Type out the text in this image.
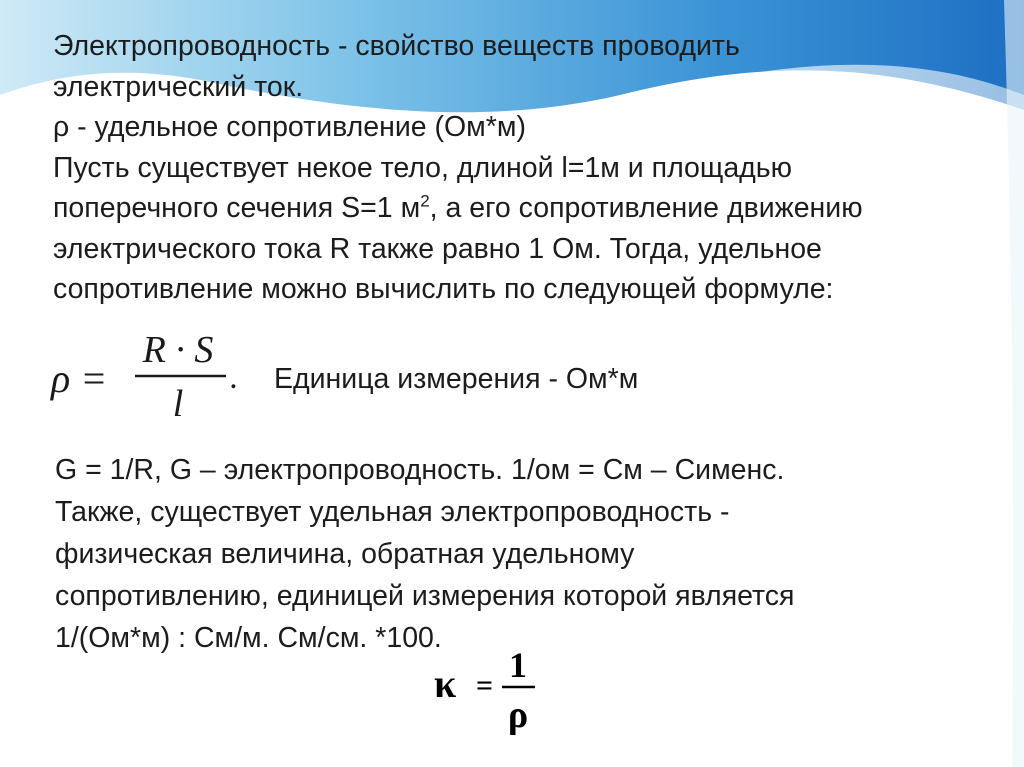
Электропроводность - свойство веществ проводить
электрический ток.
ρ - удельное сопротивление (Ом*м)
Пусть существует некое тело, длиной l=1м и площадью
поперечного сечения S=1 $м^2$, а его сопротивление движению
электрического тока R также равно 1 Ом. Тогда, удельное
сопротивление можно вычислить по следующей формуле:
ρ =
R · S
l
. Единица измерения - Ом*м
G = 1/R, G – электропроводность. 1/ом = См – Сименс.
Также, существует удельная электропроводность -
физическая величина, обратная удельному
сопротивлению, единицей измерения которой является
1/(Ом*м) : См/м. См/см. *100.
κ =
1
ρ
